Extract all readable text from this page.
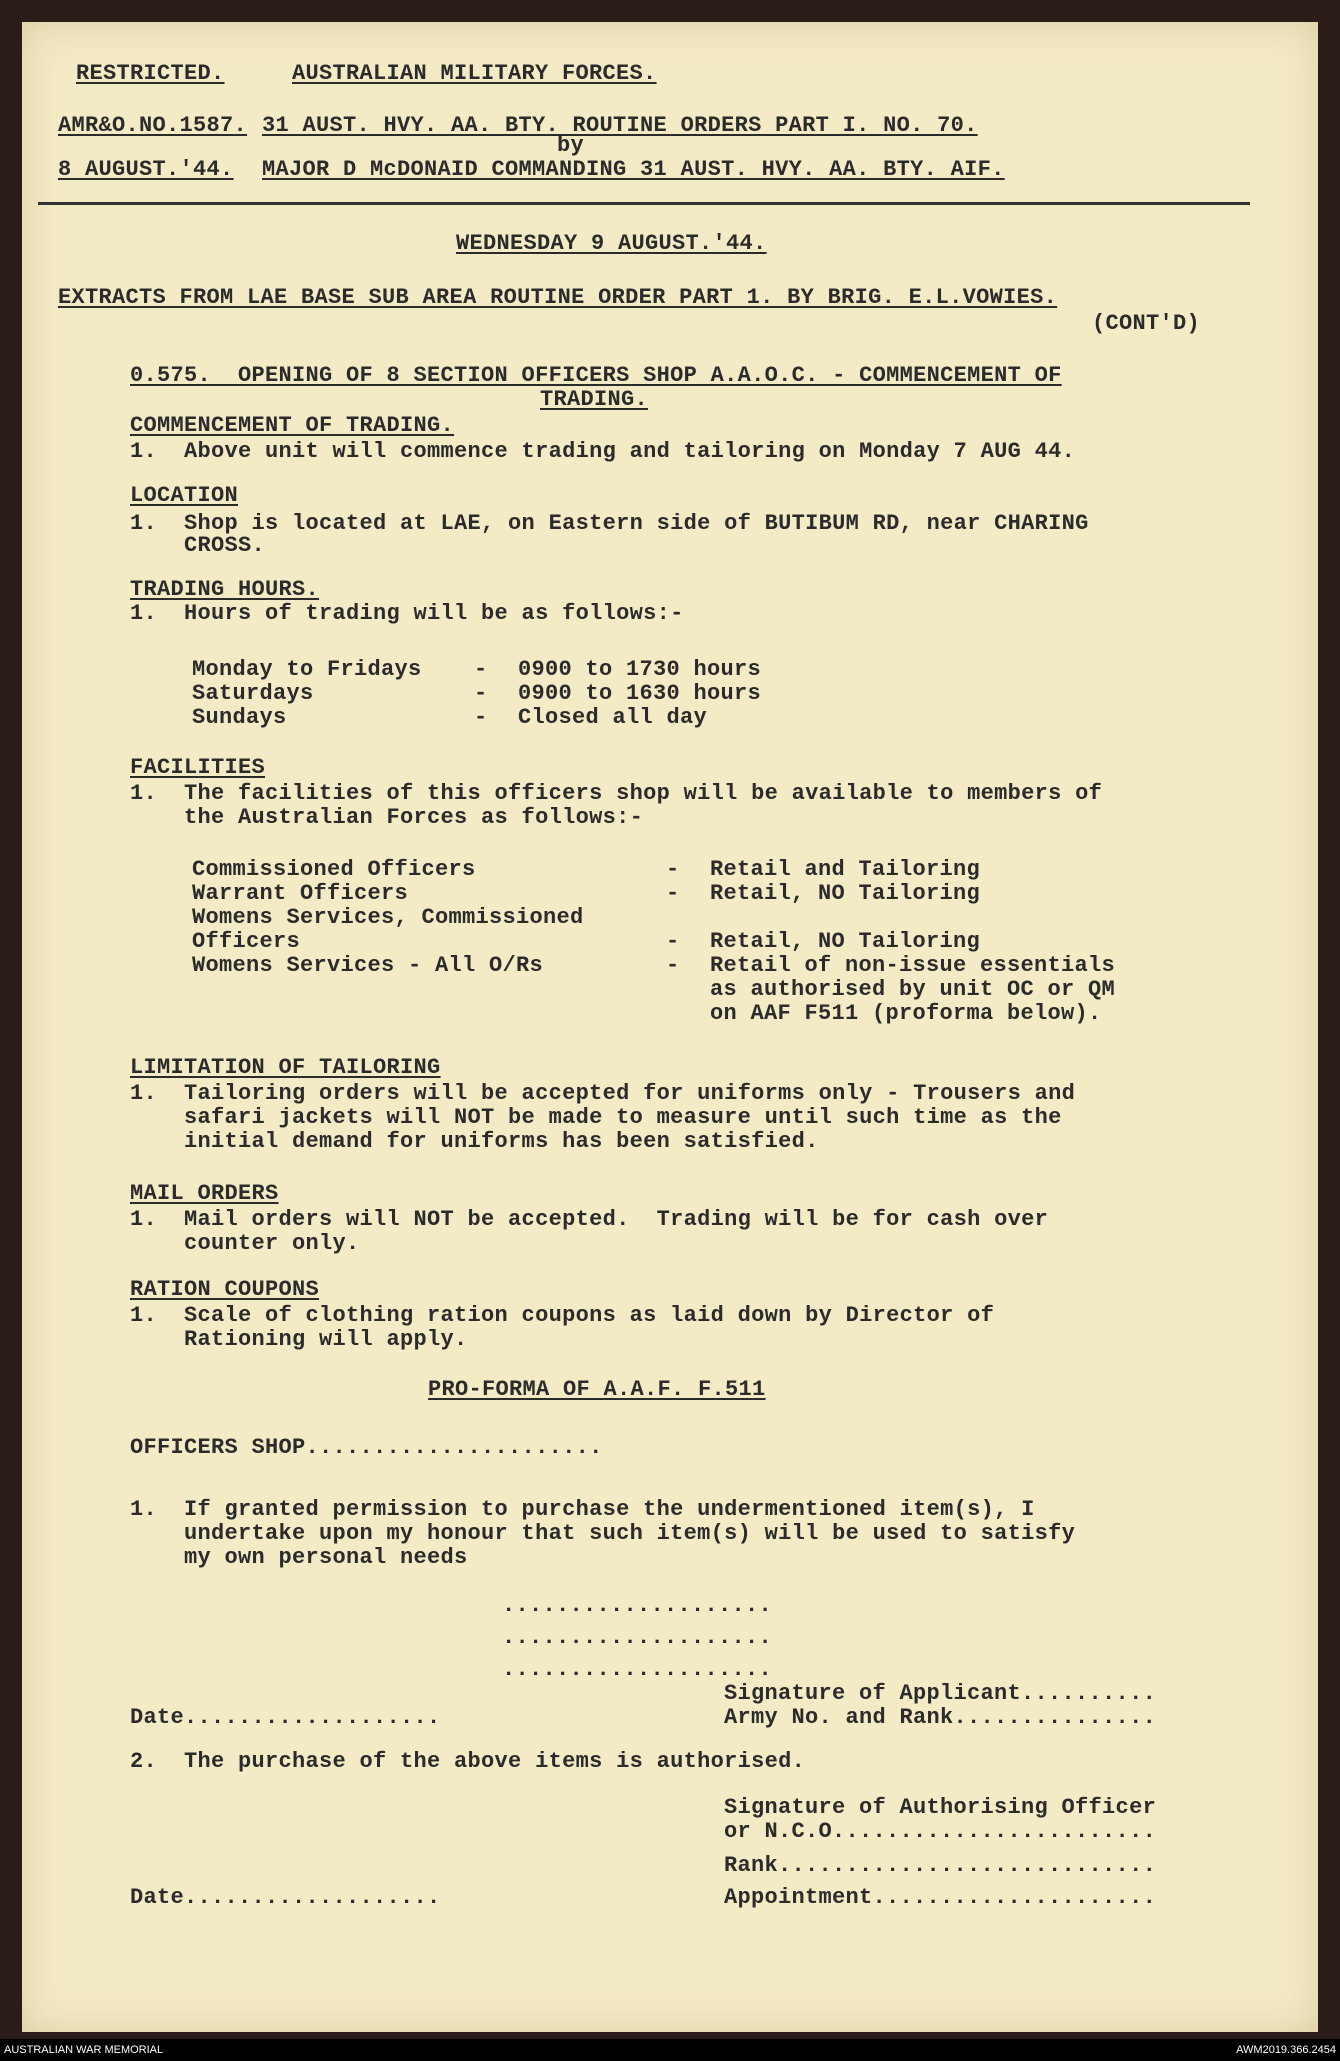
RESTRICTED.	AUSTRALIAN MILITARY FORCES.
AMR&O.NO.1587. 31 AUST. HVY. AA. BTY. ROUTINE ORDERS PART I. NO. 70.
by
8 AUGUST.'44. MAJOR D McDONAID COMMANDING 31 AUST. HVY. AA. BTY. AIF.
WEDNESDAY 9 AUGUST.'44.
EXTRACTS FROM LAE BASE SUB AREA ROUTINE ORDER PART 1. BY BRIG. E.L.VOWIES.
(CONT'D)
0.575.  OPENING OF 8 SECTION OFFICERS SHOP A.A.O.C. - COMMENCEMENT OF
TRADING.
COMMENCEMENT OF TRADING.
1.  Above unit will commence trading and tailoring on Monday 7 AUG 44.
LOCATION
1.  Shop is located at LAE, on Eastern side of BUTIBUM RD, near CHARING
CROSS.
TRADING HOURS.
1.  Hours of trading will be as follows:-
Monday to Fridays - 0900 to 1730 hours
Saturdays	- 0900 to 1630 hours
Sundays	- Closed all day
FACILITIES
1.  The facilities of this officers shop will be available to members of
the Australian Forces as follows:-
Commissioned Officers	- Retail and Tailoring
Warrant Officers	- Retail, NO Tailoring
Womens Services, Commissioned
Officers	- Retail, NO Tailoring
Womens Services - All O/Rs	- Retail of non-issue essentials
as authorised by unit OC or QM
on AAF F511 (proforma below).
LIMITATION OF TAILORING
1.  Tailoring orders will be accepted for uniforms only - Trousers and
safari jackets will NOT be made to measure until such time as the
initial demand for uniforms has been satisfied.
MAIL ORDERS
1.  Mail orders will NOT be accepted.  Trading will be for cash over
counter only.
RATION COUPONS
1.  Scale of clothing ration coupons as laid down by Director of
Rationing will apply.
PRO-FORMA OF A.A.F. F.511
OFFICERS SHOP......................
1.  If granted permission to purchase the undermentioned item(s), I
undertake upon my honour that such item(s) will be used to satisfy
my own personal needs
....................
....................
....................
Signature of Applicant..........
Date...................	Army No. and Rank...............
2.  The purchase of the above items is authorised.
Signature of Authorising Officer
or N.C.O........................
Rank............................
Date...................	Appointment.....................
AUSTRALIAN WAR MEMORIAL	AWM2019.366.2454
